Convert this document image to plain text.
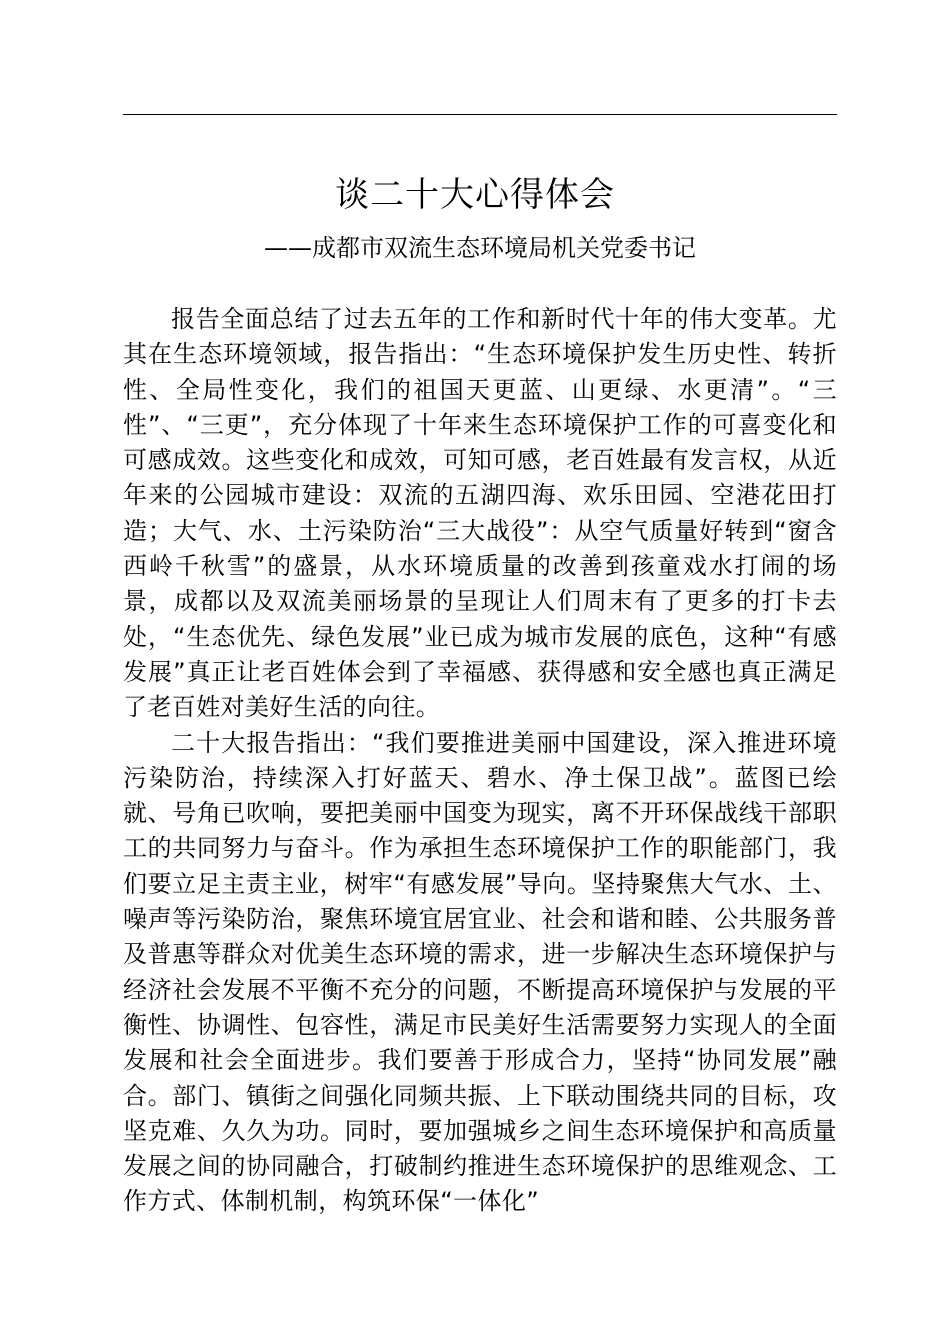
谈二十大心得体会
——成都市双流生态环境局机关党委书记

报告全面总结了过去五年的工作和新时代十年的伟大变革。尤其在生态环境领域，报告指出：“生态环境保护发生历史性、转折性、全局性变化，我们的祖国天更蓝、山更绿、水更清”。“三性”、“三更”，充分体现了十年来生态环境保护工作的可喜变化和可感成效。这些变化和成效，可知可感，老百姓最有发言权，从近年来的公园城市建设：双流的五湖四海、欢乐田园、空港花田打造；大气、水、土污染防治“三大战役”：从空气质量好转到“窗含西岭千秋雪”的盛景，从水环境质量的改善到孩童戏水打闹的场景，成都以及双流美丽场景的呈现让人们周末有了更多的打卡去处，“生态优先、绿色发展”业已成为城市发展的底色，这种“有感发展”真正让老百姓体会到了幸福感、获得感和安全感也真正满足了老百姓对美好生活的向往。

二十大报告指出：“我们要推进美丽中国建设，深入推进环境污染防治，持续深入打好蓝天、碧水、净土保卫战”。蓝图已绘就、号角已吹响，要把美丽中国变为现实，离不开环保战线干部职工的共同努力与奋斗。作为承担生态环境保护工作的职能部门，我们要立足主责主业，树牢“有感发展”导向。坚持聚焦大气水、土、噪声等污染防治，聚焦环境宜居宜业、社会和谐和睦、公共服务普及普惠等群众对优美生态环境的需求，进一步解决生态环境保护与经济社会发展不平衡不充分的问题，不断提高环境保护与发展的平衡性、协调性、包容性，满足市民美好生活需要努力实现人的全面发展和社会全面进步。我们要善于形成合力，坚持“协同发展”融合。部门、镇街之间强化同频共振、上下联动围绕共同的目标，攻坚克难、久久为功。同时，要加强城乡之间生态环境保护和高质量发展之间的协同融合，打破制约推进生态环境保护的思维观念、工作方式、体制机制，构筑环保“一体化”
